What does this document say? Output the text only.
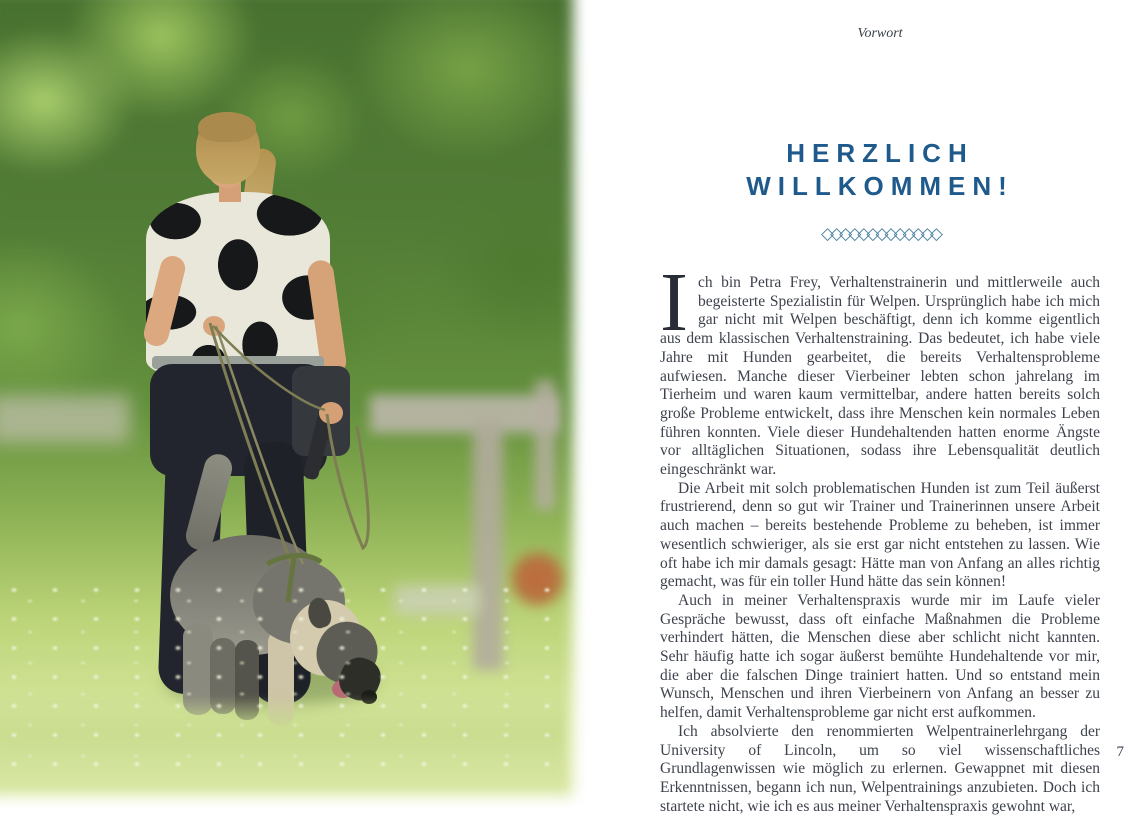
Vorwort
HERZLICH
WILLKOMMEN!
◇◇◇◇◇◇◇◇◇◇◇◇◇

Ich bin Petra Frey, Verhaltenstrainerin und mittlerweile auch begeisterte Spezialistin für Welpen. Ursprünglich habe ich mich gar nicht mit Welpen beschäftigt, denn ich komme eigentlich aus dem klassischen Verhaltenstraining. Das bedeutet, ich habe viele Jahre mit Hunden gearbeitet, die bereits Verhaltensprobleme aufwiesen. Manche dieser Vierbeiner lebten schon jahrelang im Tierheim und waren kaum vermittelbar, andere hatten bereits solch große Probleme entwickelt, dass ihre Menschen kein normales Leben führen konnten. Viele dieser Hundehaltenden hatten enorme Ängste vor alltäglichen Situationen, sodass ihre Lebensqualität deutlich eingeschränkt war.

Die Arbeit mit solch problematischen Hunden ist zum Teil äußerst frustrierend, denn so gut wir Trainer und Trainerinnen unsere Arbeit auch machen – bereits bestehende Probleme zu beheben, ist immer wesentlich schwieriger, als sie erst gar nicht entstehen zu lassen. Wie oft habe ich mir damals gesagt: Hätte man von Anfang an alles richtig gemacht, was für ein toller Hund hätte das sein können!

Auch in meiner Verhaltenspraxis wurde mir im Laufe vieler Gespräche bewusst, dass oft einfache Maßnahmen die Probleme verhindert hätten, die Menschen diese aber schlicht nicht kannten. Sehr häufig hatte ich sogar äußerst bemühte Hundehaltende vor mir, die aber die falschen Dinge trainiert hatten. Und so entstand mein Wunsch, Menschen und ihren Vierbeinern von Anfang an besser zu helfen, damit Verhaltensprobleme gar nicht erst aufkommen.

Ich absolvierte den renommierten Welpentrainerlehrgang der University of Lincoln, um so viel wissenschaftliches Grundlagenwissen wie möglich zu erlernen. Gewappnet mit diesen Erkenntnissen, begann ich nun, Welpentrainings anzubieten. Doch ich startete nicht, wie ich es aus meiner Verhaltenspraxis gewohnt war,

7
